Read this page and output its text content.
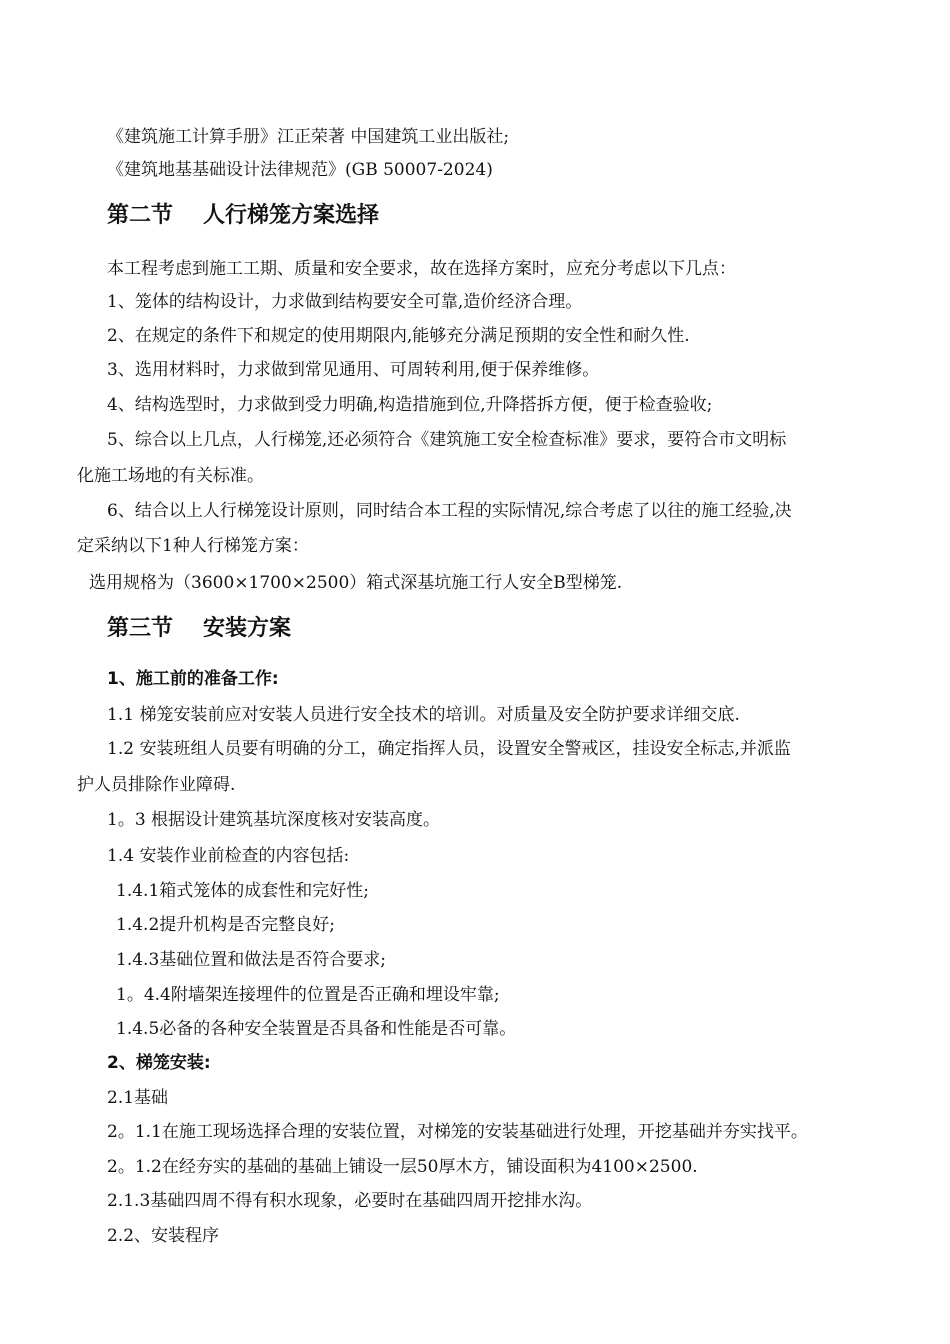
《建筑施工计算手册》江正荣著 中国建筑工业出版社;
《建筑地基基础设计法律规范》(GB 50007-2024)
第二节 人行梯笼方案选择
本工程考虑到施工工期、质量和安全要求，故在选择方案时，应充分考虑以下几点：
1、笼体的结构设计，力求做到结构要安全可靠,造价经济合理。
2、在规定的条件下和规定的使用期限内,能够充分满足预期的安全性和耐久性.
3、选用材料时，力求做到常见通用、可周转利用,便于保养维修。
4、结构选型时，力求做到受力明确,构造措施到位,升降搭拆方便，便于检查验收;
5、综合以上几点，人行梯笼,还必须符合《建筑施工安全检查标准》要求，要符合市文明标
化施工场地的有关标准。
6、结合以上人行梯笼设计原则，同时结合本工程的实际情况,综合考虑了以往的施工经验,决
定采纳以下1种人行梯笼方案：
选用规格为（3600×1700×2500）箱式深基坑施工行人安全B型梯笼.
第三节 安装方案
1、施工前的准备工作:
1.1 梯笼安装前应对安装人员进行安全技术的培训。对质量及安全防护要求详细交底.
1.2 安装班组人员要有明确的分工，确定指挥人员，设置安全警戒区，挂设安全标志,并派监
护人员排除作业障碍.
1。3 根据设计建筑基坑深度核对安装高度。
1.4 安装作业前检查的内容包括:
1.4.1箱式笼体的成套性和完好性;
1.4.2提升机构是否完整良好;
1.4.3基础位置和做法是否符合要求;
1。4.4附墙架连接埋件的位置是否正确和埋设牢靠;
1.4.5必备的各种安全装置是否具备和性能是否可靠。
2、梯笼安装:
2.1基础
2。1.1在施工现场选择合理的安装位置，对梯笼的安装基础进行处理，开挖基础并夯实找平。
2。1.2在经夯实的基础的基础上铺设一层50厚木方，铺设面积为4100×2500.
2.1.3基础四周不得有积水现象，必要时在基础四周开挖排水沟。
2.2、安装程序
